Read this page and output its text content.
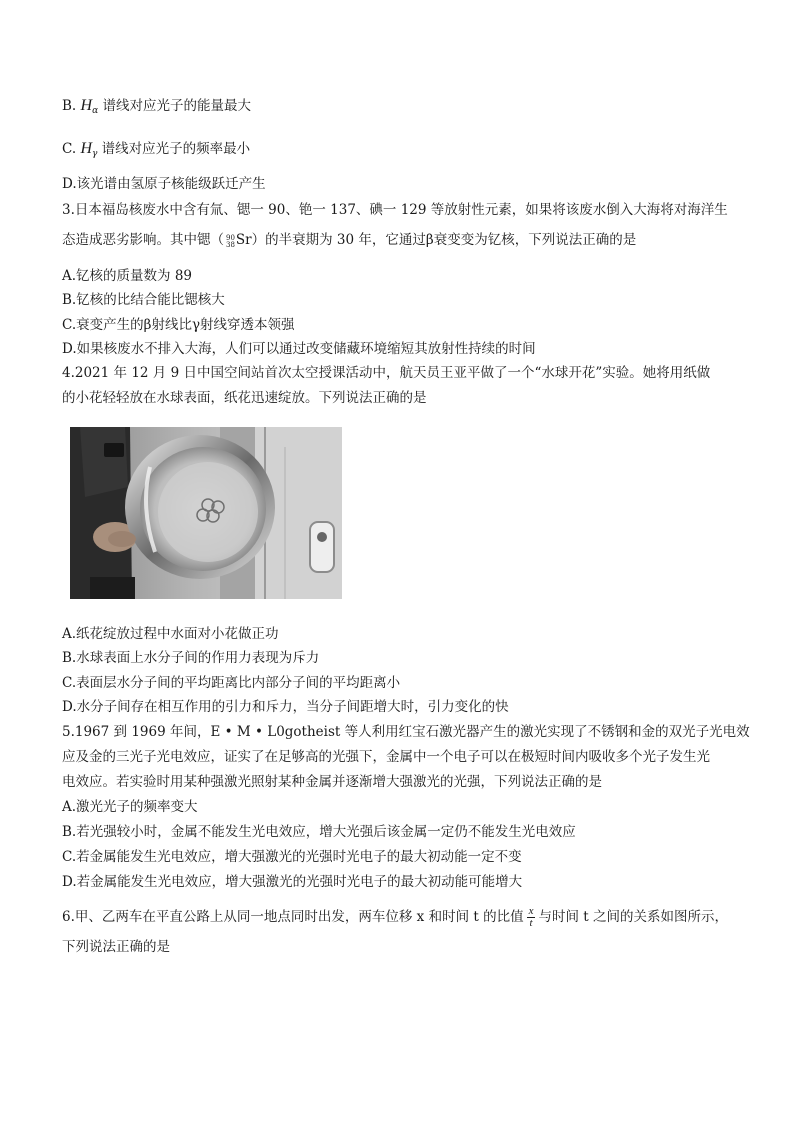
B. $H_\alpha$ 谱线对应光子的能量最大
C. $H_\gamma$ 谱线对应光子的频率最小
D.该光谱由氢原子核能级跃迁产生
3.日本福岛核废水中含有氚、锶一 90、铯一 137、碘一 129 等放射性元素，如果将该废水倒入大海将对海洋生
态造成恶劣影响。其中锶（ 90
38 Sr）的半衰期为 30 年，它通过β衰变变为钇核，下列说法正确的是
A.钇核的质量数为 89
B.钇核的比结合能比锶核大
C.衰变产生的β射线比γ射线穿透本领强
D.如果核废水不排入大海，人们可以通过改变储藏环境缩短其放射性持续的时间
4.2021 年 12 月 9 日中国空间站首次太空授课活动中，航天员王亚平做了一个“水球开花”实验。她将用纸做
的小花轻轻放在水球表面，纸花迅速绽放。下列说法正确的是
A.纸花绽放过程中水面对小花做正功
B.水球表面上水分子间的作用力表现为斥力
C.表面层水分子间的平均距离比内部分子间的平均距离小
D.水分子间存在相互作用的引力和斥力，当分子间距增大时，引力变化的快
5.1967 到 1969 年间，E • M • L0gotheist 等人利用红宝石激光器产生的激光实现了不锈钢和金的双光子光电效
应及金的三光子光电效应，证实了在足够高的光强下，金属中一个电子可以在极短时间内吸收多个光子发生光
电效应。若实验时用某种强激光照射某种金属并逐渐增大强激光的光强，下列说法正确的是
A.激光光子的频率变大
B.若光强较小时，金属不能发生光电效应，增大光强后该金属一定仍不能发生光电效应
C.若金属能发生光电效应，增大强激光的光强时光电子的最大初动能一定不变
D.若金属能发生光电效应，增大强激光的光强时光电子的最大初动能可能增大
6.甲、乙两车在平直公路上从同一地点同时出发，两车位移 x 和时间 t 的比值 $\frac{x}{t}$ 与时间 t 之间的关系如图所示，
下列说法正确的是
